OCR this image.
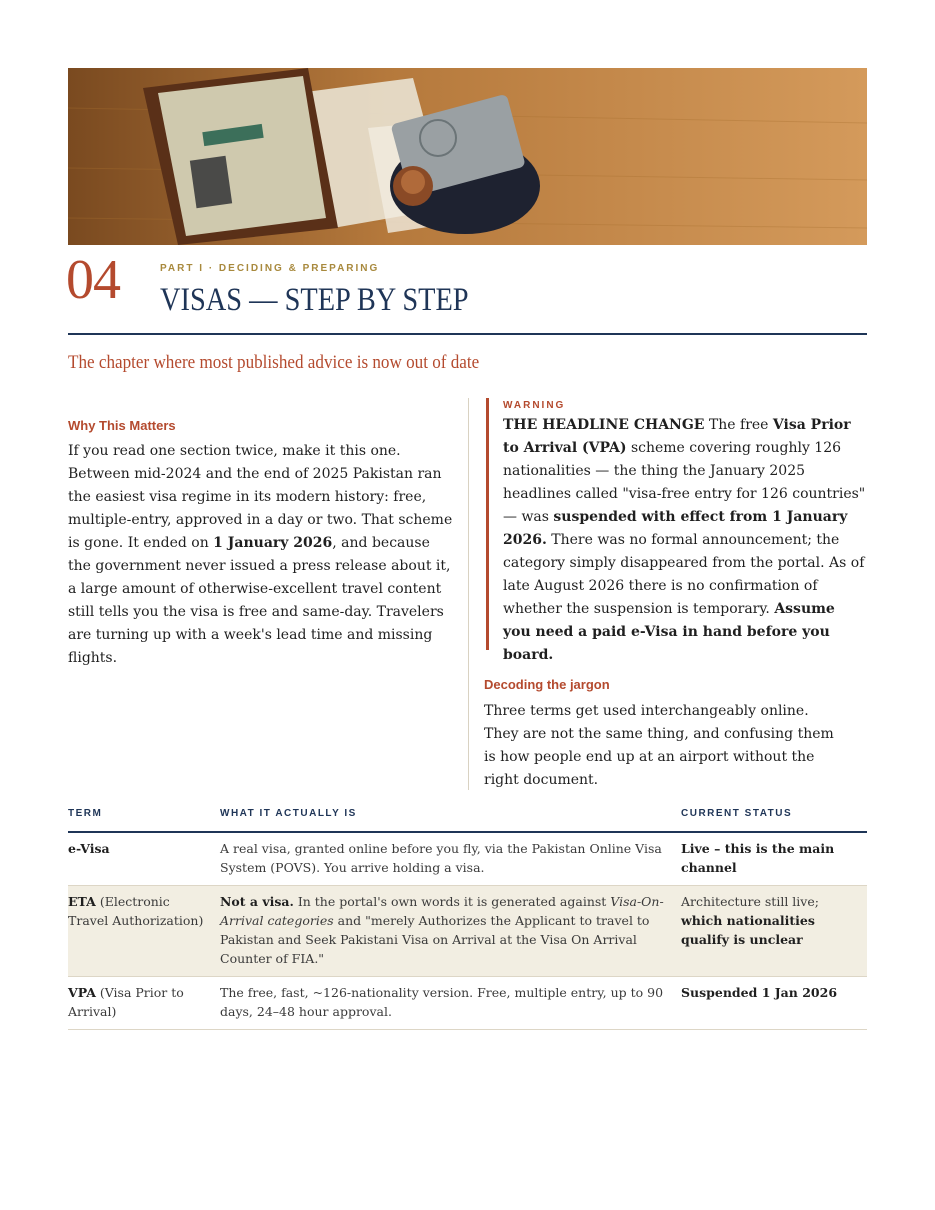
04	PART I · DECIDING & PREPARING
VISAS — STEP BY STEP
The chapter where most published advice is now out of date
Why This Matters
If you read one section twice, make it this one. Between mid-2024 and the end of 2025 Pakistan ran the easiest visa regime in its modern history: free, multiple-entry, approved in a day or two. That scheme is gone. It ended on 1 January 2026, and because the government never issued a press release about it, a large amount of otherwise-excellent travel content still tells you the visa is free and same-day. Travelers are turning up with a week's lead time and missing flights.
WARNING
THE HEADLINE CHANGE The free Visa Prior to Arrival (VPA) scheme covering roughly 126 nationalities — the thing the January 2025 headlines called "visa-free entry for 126 countries" — was suspended with effect from 1 January 2026. There was no formal announcement; the category simply disappeared from the portal. As of late August 2026 there is no confirmation of whether the suspension is temporary. Assume you need a paid e-Visa in hand before you board.
Decoding the jargon
Three terms get used interchangeably online. They are not the same thing, and confusing them is how people end up at an airport without the right document.
TERM	WHAT IT ACTUALLY IS	CURRENT STATUS
e-Visa	A real visa, granted online before you fly, via the Pakistan Online Visa System (POVS). You arrive holding a visa.	Live – this is the main channel
ETA (Electronic Travel Authorization)	Not a visa. In the portal's own words it is generated against Visa-On-Arrival categories and "merely Authorizes the Applicant to travel to Pakistan and Seek Pakistani Visa on Arrival at the Visa On Arrival Counter of FIA."	Architecture still live; which nationalities qualify is unclear
VPA (Visa Prior to Arrival)	The free, fast, ~126-nationality version. Free, multiple entry, up to 90 days, 24–48 hour approval.	Suspended 1 Jan 2026
